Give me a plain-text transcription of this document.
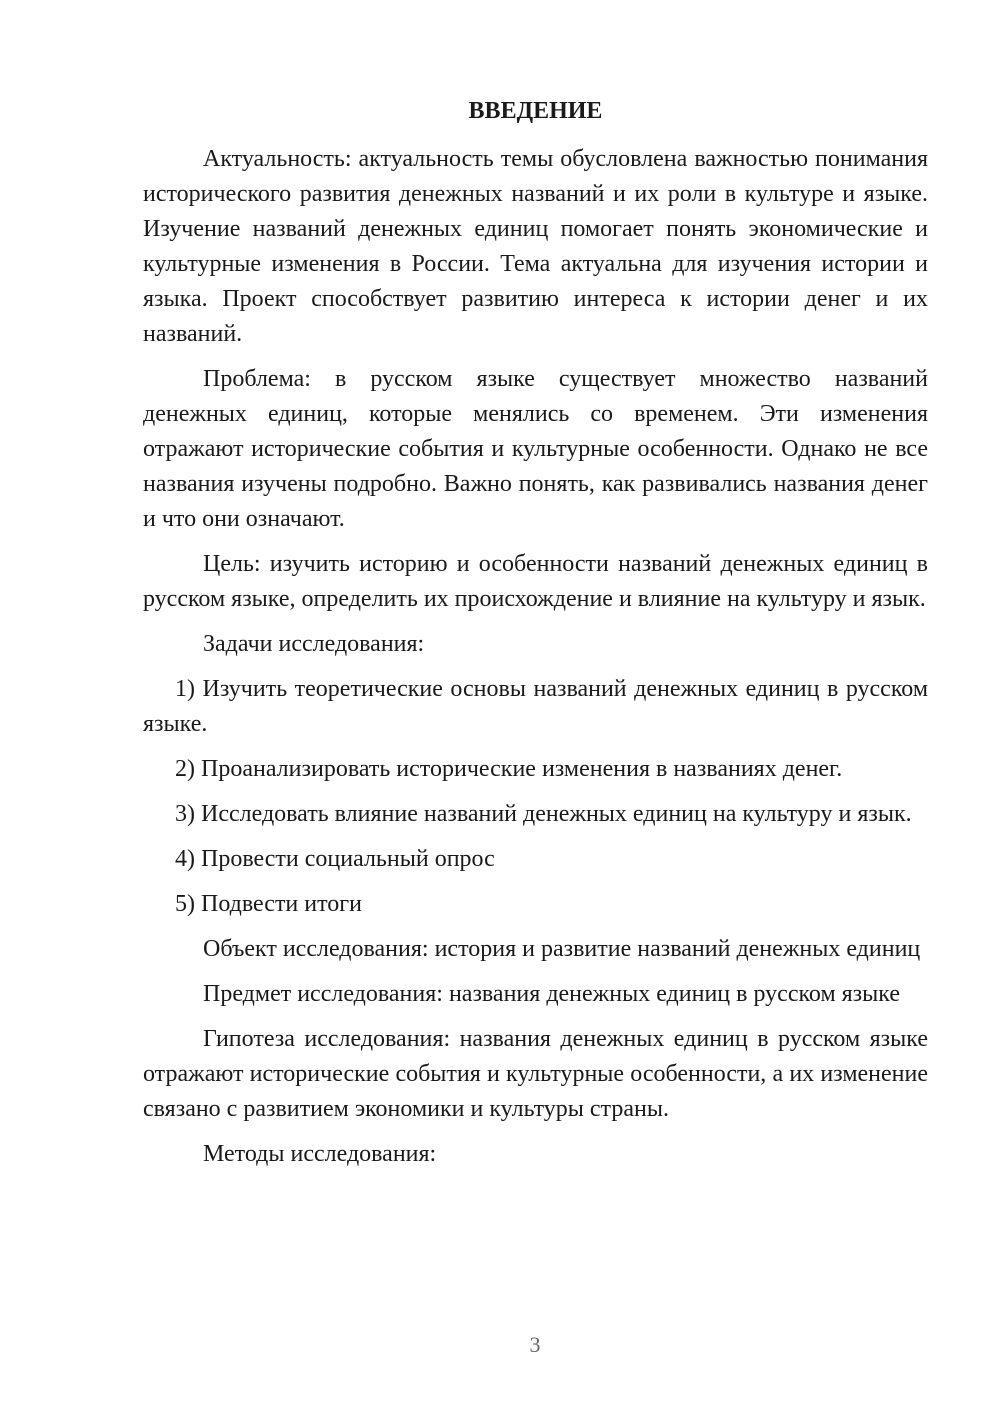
ВВЕДЕНИЕ

Актуальность: актуальность темы обусловлена важностью понимания исторического развития денежных названий и их роли в культуре и языке. Изучение названий денежных единиц помогает понять экономические и культурные изменения в России. Тема актуальна для изучения истории и языка. Проект способствует развитию интереса к истории денег и их названий.

Проблема: в русском языке существует множество названий денежных единиц, которые менялись со временем. Эти изменения отражают исторические события и культурные особенности. Однако не все названия изучены подробно. Важно понять, как развивались названия денег и что они означают.

Цель: изучить историю и особенности названий денежных единиц в русском языке, определить их происхождение и влияние на культуру и язык.

Задачи исследования:

1) Изучить теоретические основы названий денежных единиц в русском языке.

2) Проанализировать исторические изменения в названиях денег.

3) Исследовать влияние названий денежных единиц на культуру и язык.

4) Провести социальный опрос

5) Подвести итоги

Объект исследования: история и развитие названий денежных единиц

Предмет исследования: названия денежных единиц в русском языке

Гипотеза исследования: названия денежных единиц в русском языке отражают исторические события и культурные особенности, а их изменение связано с развитием экономики и культуры страны.

Методы исследования:

3
